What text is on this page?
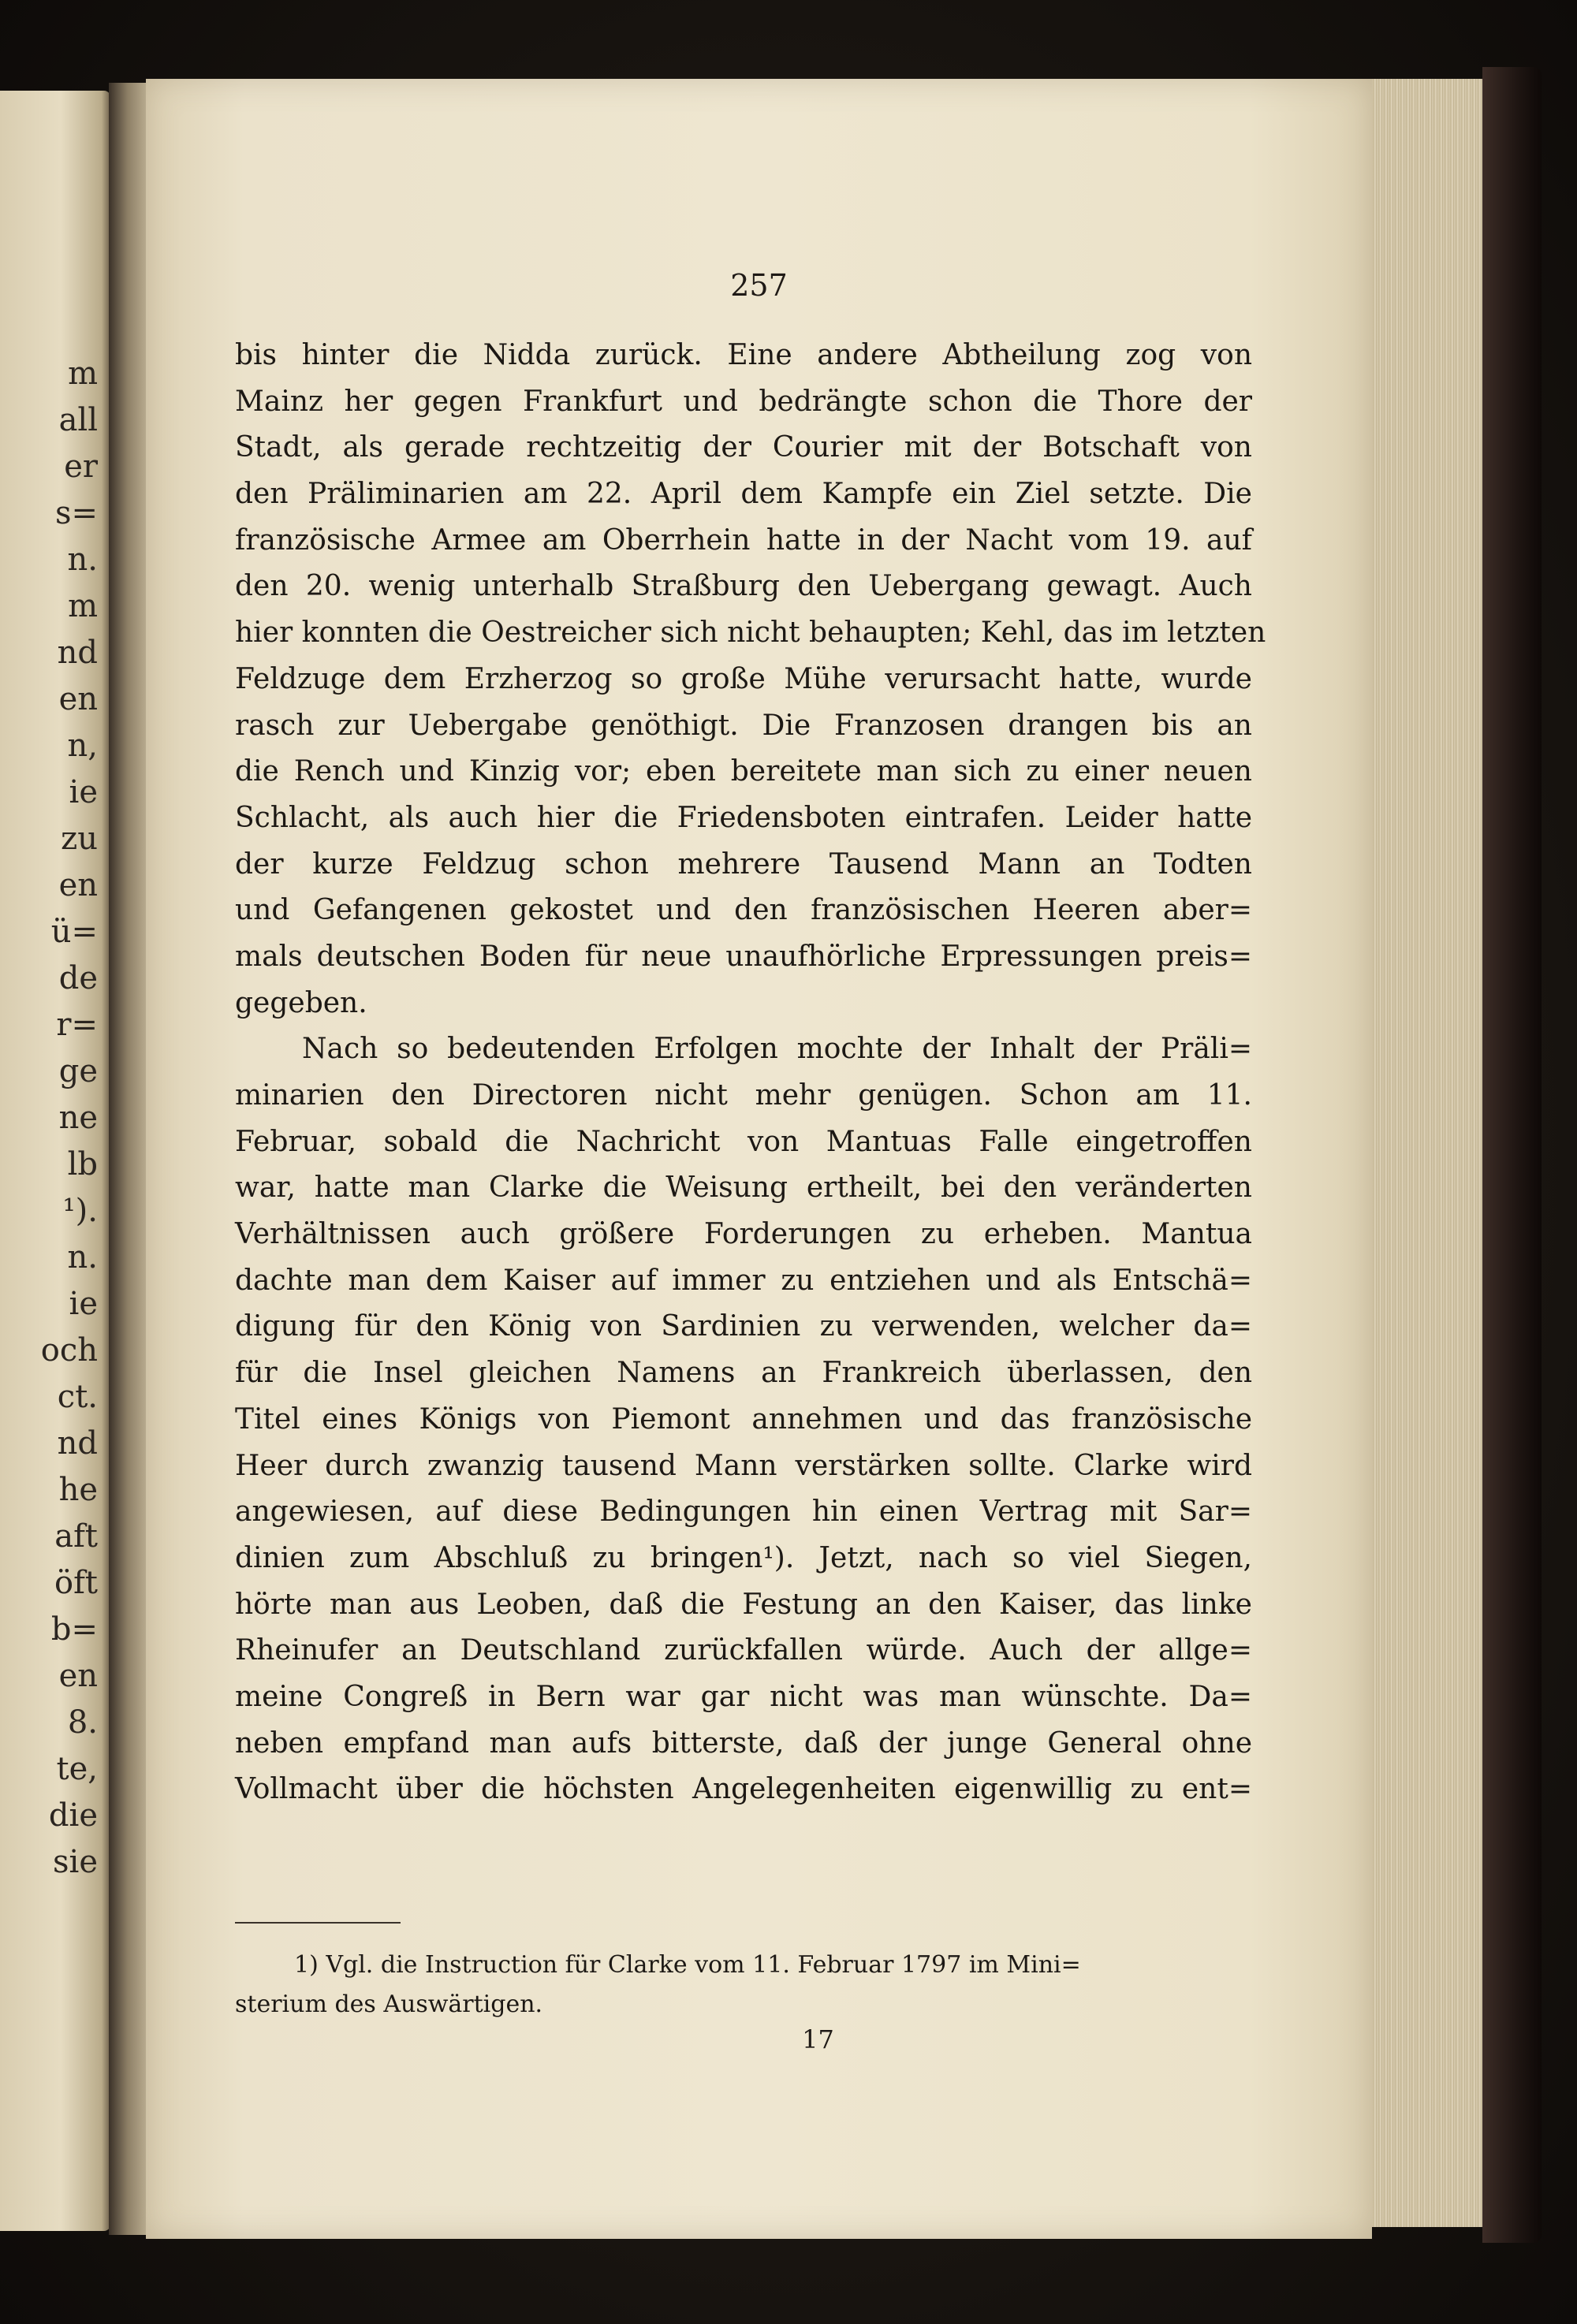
m
all
er
s=
n.
m
nd
en
n,
ie
zu
en
ü=
de
r=
ge
ne
lb
¹).
n.
ie
och
ct.
nd
he
aft
öft
b=
en
8.
te,
die
sie
257
bis hinter die Nidda zurück. Eine andere Abtheilung zog von
Mainz her gegen Frankfurt und bedrängte schon die Thore der
Stadt, als gerade rechtzeitig der Courier mit der Botschaft von
den Präliminarien am 22. April dem Kampfe ein Ziel setzte. Die
französische Armee am Oberrhein hatte in der Nacht vom 19. auf
den 20. wenig unterhalb Straßburg den Uebergang gewagt. Auch
hier konnten die Oestreicher sich nicht behaupten; Kehl, das im letzten
Feldzuge dem Erzherzog so große Mühe verursacht hatte, wurde
rasch zur Uebergabe genöthigt. Die Franzosen drangen bis an
die Rench und Kinzig vor; eben bereitete man sich zu einer neuen
Schlacht, als auch hier die Friedensboten eintrafen. Leider hatte
der kurze Feldzug schon mehrere Tausend Mann an Todten
und Gefangenen gekostet und den französischen Heeren aber=
mals deutschen Boden für neue unaufhörliche Erpressungen preis=
gegeben.
Nach so bedeutenden Erfolgen mochte der Inhalt der Präli=
minarien den Directoren nicht mehr genügen. Schon am 11.
Februar, sobald die Nachricht von Mantuas Falle eingetroffen
war, hatte man Clarke die Weisung ertheilt, bei den veränderten
Verhältnissen auch größere Forderungen zu erheben. Mantua
dachte man dem Kaiser auf immer zu entziehen und als Entschä=
digung für den König von Sardinien zu verwenden, welcher da=
für die Insel gleichen Namens an Frankreich überlassen, den
Titel eines Königs von Piemont annehmen und das französische
Heer durch zwanzig tausend Mann verstärken sollte. Clarke wird
angewiesen, auf diese Bedingungen hin einen Vertrag mit Sar=
dinien zum Abschluß zu bringen¹). Jetzt, nach so viel Siegen,
hörte man aus Leoben, daß die Festung an den Kaiser, das linke
Rheinufer an Deutschland zurückfallen würde. Auch der allge=
meine Congreß in Bern war gar nicht was man wünschte. Da=
neben empfand man aufs bitterste, daß der junge General ohne
Vollmacht über die höchsten Angelegenheiten eigenwillig zu ent=
1) Vgl. die Instruction für Clarke vom 11. Februar 1797 im Mini=
sterium des Auswärtigen.
17
